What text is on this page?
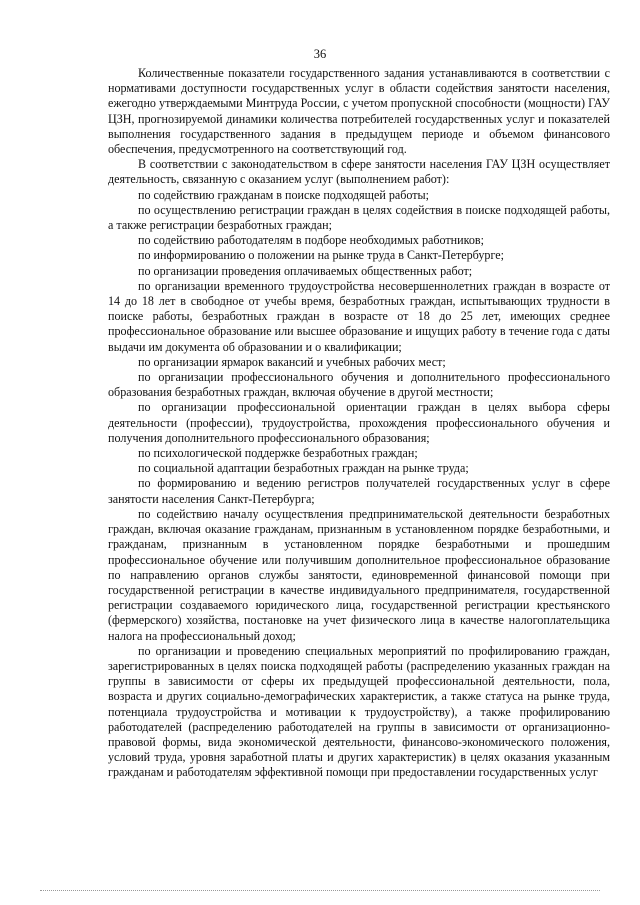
36

Количественные показатели государственного задания устанавливаются в соответствии с нормативами доступности государственных услуг в области содействия занятости населения, ежегодно утверждаемыми Минтруда России, с учетом пропускной способности (мощности) ГАУ ЦЗН, прогнозируемой динамики количества потребителей государственных услуг и показателей выполнения государственного задания в предыдущем периоде и объемом финансового обеспечения, предусмотренного на соответствующий год.

В соответствии с законодательством в сфере занятости населения ГАУ ЦЗН осуществляет деятельность, связанную с оказанием услуг (выполнением работ):

по содействию гражданам в поиске подходящей работы;

по осуществлению регистрации граждан в целях содействия в поиске подходящей работы, а также регистрации безработных граждан;

по содействию работодателям в подборе необходимых работников;

по информированию о положении на рынке труда в Санкт-Петербурге;

по организации проведения оплачиваемых общественных работ;

по организации временного трудоустройства несовершеннолетних граждан в возрасте от 14 до 18 лет в свободное от учебы время, безработных граждан, испытывающих трудности в поиске работы, безработных граждан в возрасте от 18 до 25 лет, имеющих среднее профессиональное образование или высшее образование и ищущих работу в течение года с даты выдачи им документа об образовании и о квалификации;

по организации ярмарок вакансий и учебных рабочих мест;

по организации профессионального обучения и дополнительного профессионального образования безработных граждан, включая обучение в другой местности;

по организации профессиональной ориентации граждан в целях выбора сферы деятельности (профессии), трудоустройства, прохождения профессионального обучения и получения дополнительного профессионального образования;

по психологической поддержке безработных граждан;

по социальной адаптации безработных граждан на рынке труда;

по формированию и ведению регистров получателей государственных услуг в сфере занятости населения Санкт-Петербурга;

по содействию началу осуществления предпринимательской деятельности безработных граждан, включая оказание гражданам, признанным в установленном порядке безработными, и гражданам, признанным в установленном порядке безработными и прошедшим профессиональное обучение или получившим дополнительное профессиональное образование по направлению органов службы занятости, единовременной финансовой помощи при государственной регистрации в качестве индивидуального предпринимателя, государственной регистрации создаваемого юридического лица, государственной регистрации крестьянского (фермерского) хозяйства, постановке на учет физического лица в качестве налогоплательщика налога на профессиональный доход;

по организации и проведению специальных мероприятий по профилированию граждан, зарегистрированных в целях поиска подходящей работы (распределению указанных граждан на группы в зависимости от сферы их предыдущей профессиональной деятельности, пола, возраста и других социально-демографических характеристик, а также статуса на рынке труда, потенциала трудоустройства и мотивации к трудоустройству), а также профилированию работодателей (распределению работодателей на группы в зависимости от организационно-правовой формы, вида экономической деятельности, финансово-экономического положения, условий труда, уровня заработной платы и других характеристик) в целях оказания указанным гражданам и работодателям эффективной помощи при предоставлении государственных услуг
